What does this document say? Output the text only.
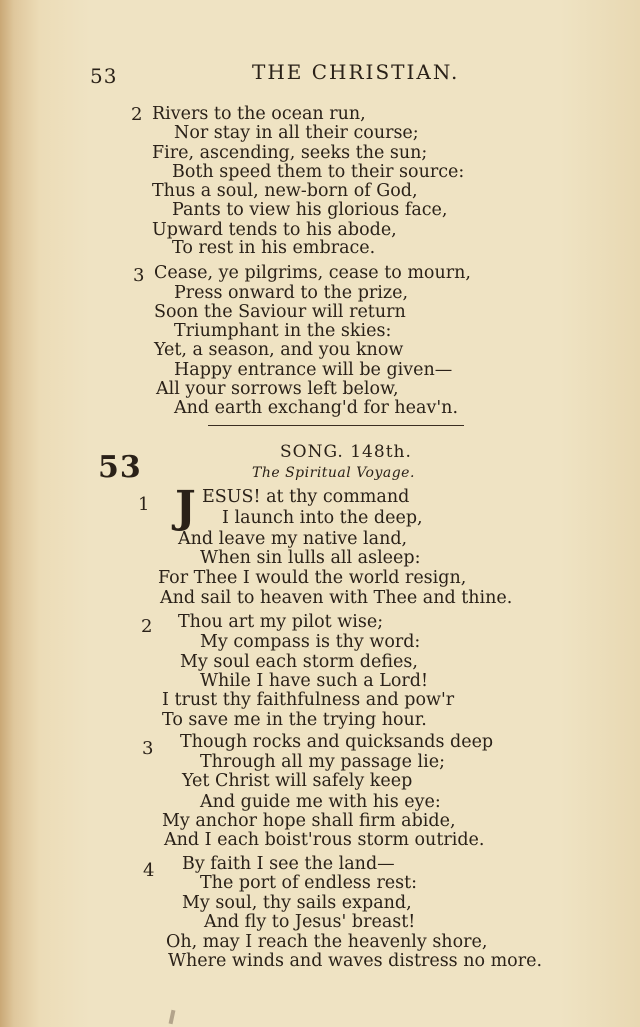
53	THE CHRISTIAN.
2 Rivers to the ocean run,
Nor stay in all their course;
Fire, ascending, seeks the sun;
Both speed them to their source:
Thus a soul, new-born of God,
Pants to view his glorious face,
Upward tends to his abode,
To rest in his embrace.
3 Cease, ye pilgrims, cease to mourn,
Press onward to the prize,
Soon the Saviour will return
Triumphant in the skies:
Yet, a season, and you know
Happy entrance will be given—
All your sorrows left below,
And earth exchang'd for heav'n.
53	SONG. 148th.
The Spiritual Voyage.
1 J ESUS! at thy command
I launch into the deep,
And leave my native land,
When sin lulls all asleep:
For Thee I would the world resign,
And sail to heaven with Thee and thine.
2 Thou art my pilot wise;
My compass is thy word:
My soul each storm defies,
While I have such a Lord!
I trust thy faithfulness and pow'r
To save me in the trying hour.
3 Though rocks and quicksands deep
Through all my passage lie;
Yet Christ will safely keep
And guide me with his eye:
My anchor hope shall firm abide,
And I each boist'rous storm outride.
4 By faith I see the land—
The port of endless rest:
My soul, thy sails expand,
And fly to Jesus' breast!
Oh, may I reach the heavenly shore,
Where winds and waves distress no more.
